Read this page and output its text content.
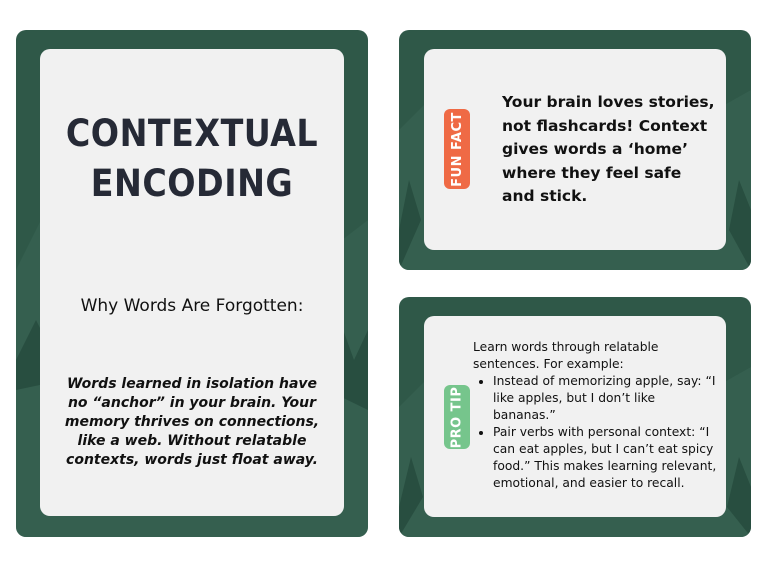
CONTEXTUAL
ENCODING
Why Words Are Forgotten:
Words learned in isolation have no “anchor” in your brain. Your memory thrives on connections, like a web. Without relatable contexts, words just float away.
FUN FACT
Your brain loves stories, not flashcards! Context gives words a ‘home’ where they feel safe and stick.
PRO TIP
Learn words through relatable sentences. For example:
• Instead of memorizing apple, say: “I like apples, but I don’t like bananas.”
• Pair verbs with personal context: “I can eat apples, but I can’t eat spicy food.” This makes learning relevant, emotional, and easier to recall.
